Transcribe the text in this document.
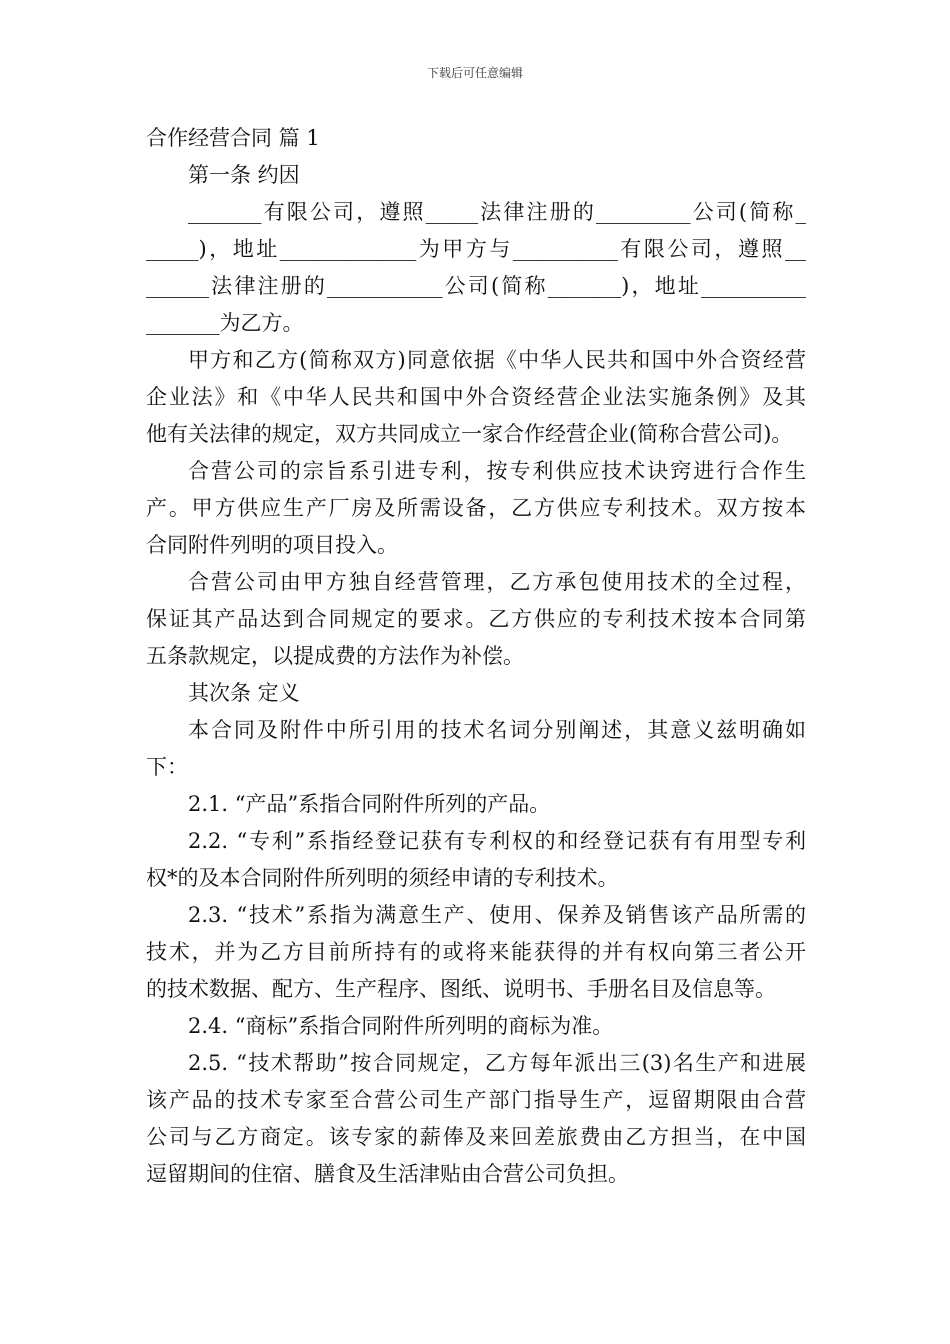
下载后可任意编辑
合作经营合同 篇 1
第一条 约因
_______有限公司，遵照_____法律注册的_________公司(简称_
_____)，地址_____________为甲方与__________有限公司，遵照__
______法律注册的___________公司(简称_______)，地址__________
_______为乙方。
甲方和乙方(简称双方)同意依据《中华人民共和国中外合资经营
企业法》和《中华人民共和国中外合资经营企业法实施条例》及其
他有关法律的规定，双方共同成立一家合作经营企业(简称合营公司)。
合营公司的宗旨系引进专利，按专利供应技术诀窍进行合作生
产。甲方供应生产厂房及所需设备，乙方供应专利技术。双方按本
合同附件列明的项目投入。
合营公司由甲方独自经营管理，乙方承包使用技术的全过程，
保证其产品达到合同规定的要求。乙方供应的专利技术按本合同第
五条款规定，以提成费的方法作为补偿。
其次条 定义
本合同及附件中所引用的技术名词分别阐述，其意义兹明确如
下：
2.1. “产品”系指合同附件所列的产品。
2.2. “专利”系指经登记获有专利权的和经登记获有有用型专利
权*的及本合同附件所列明的须经申请的专利技术。
2.3. “技术”系指为满意生产、使用、保养及销售该产品所需的
技术，并为乙方目前所持有的或将来能获得的并有权向第三者公开
的技术数据、配方、生产程序、图纸、说明书、手册名目及信息等。
2.4. “商标”系指合同附件所列明的商标为准。
2.5. “技术帮助”按合同规定，乙方每年派出三(3)名生产和进展
该产品的技术专家至合营公司生产部门指导生产，逗留期限由合营
公司与乙方商定。该专家的薪俸及来回差旅费由乙方担当，在中国
逗留期间的住宿、膳食及生活津贴由合营公司负担。
